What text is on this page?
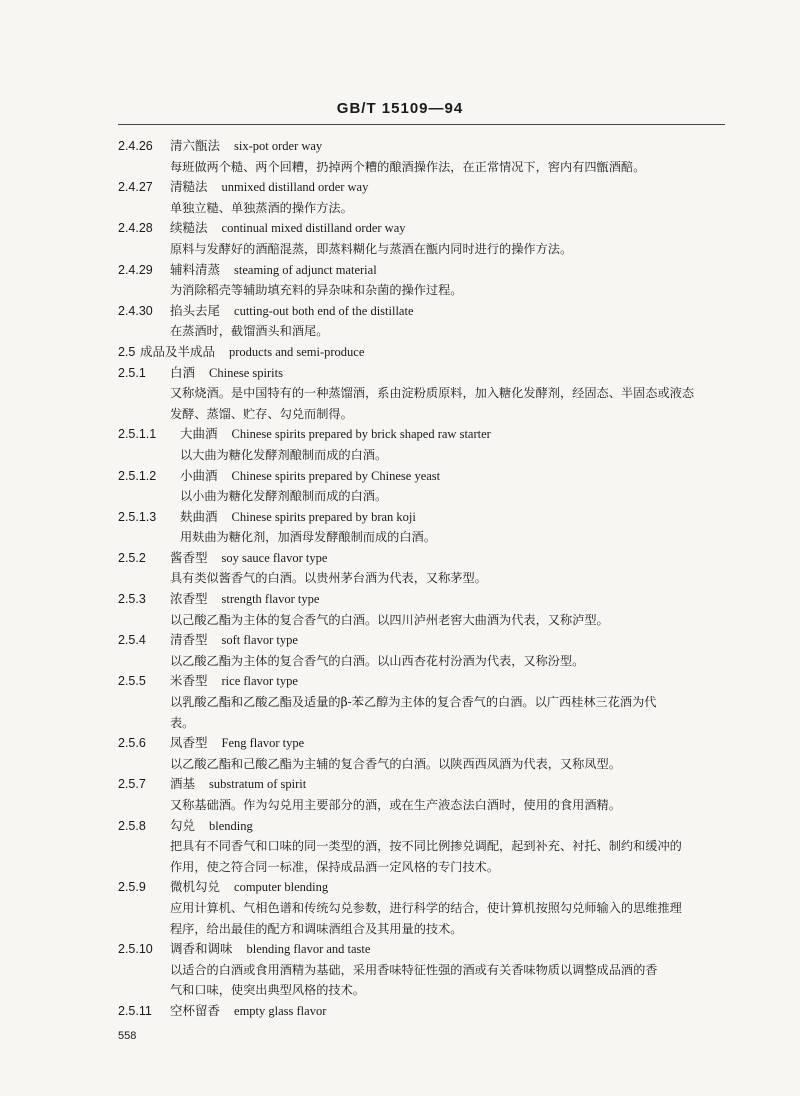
GB/T 15109—94
2.4.26	清六甑法 six-pot order way
每班做两个糙、两个回糟，扔掉两个糟的酿酒操作法，在正常情况下，窖内有四甑酒醅。
2.4.27	清糙法 unmixed distilland order way
单独立糙、单独蒸酒的操作方法。
2.4.28	续糙法 continual mixed distilland order way
原料与发酵好的酒醅混蒸，即蒸料糊化与蒸酒在甑内同时进行的操作方法。
2.4.29	辅料清蒸 steaming of adjunct material
为消除稻壳等辅助填充料的异杂味和杂菌的操作过程。
2.4.30	掐头去尾 cutting-out both end of the distillate
在蒸酒时，截馏酒头和酒尾。
2.5 成品及半成品 products and semi-produce
2.5.1	白酒 Chinese spirits
又称烧酒。是中国特有的一种蒸馏酒，系由淀粉质原料，加入糖化发酵剂，经固态、半固态或液态
发酵、蒸馏、贮存、勾兑而制得。
2.5.1.1	大曲酒 Chinese spirits prepared by brick shaped raw starter
以大曲为糖化发酵剂酿制而成的白酒。
2.5.1.2	小曲酒 Chinese spirits prepared by Chinese yeast
以小曲为糖化发酵剂酿制而成的白酒。
2.5.1.3	麸曲酒 Chinese spirits prepared by bran koji
用麸曲为糖化剂，加酒母发酵酿制而成的白酒。
2.5.2	酱香型 soy sauce flavor type
具有类似酱香气的白酒。以贵州茅台酒为代表，又称茅型。
2.5.3	浓香型 strength flavor type
以己酸乙酯为主体的复合香气的白酒。以四川泸州老窖大曲酒为代表，又称泸型。
2.5.4	清香型 soft flavor type
以乙酸乙酯为主体的复合香气的白酒。以山西杏花村汾酒为代表，又称汾型。
2.5.5	米香型 rice flavor type
以乳酸乙酯和乙酸乙酯及适量的β-苯乙醇为主体的复合香气的白酒。以广西桂林三花酒为代
表。
2.5.6	凤香型 Feng flavor type
以乙酸乙酯和己酸乙酯为主辅的复合香气的白酒。以陕西西凤酒为代表，又称凤型。
2.5.7	酒基 substratum of spirit
又称基础酒。作为勾兑用主要部分的酒，或在生产液态法白酒时，使用的食用酒精。
2.5.8	勾兑 blending
把具有不同香气和口味的同一类型的酒，按不同比例掺兑调配，起到补充、衬托、制约和缓冲的
作用，使之符合同一标准，保持成品酒一定风格的专门技术。
2.5.9	微机勾兑 computer blending
应用计算机、气相色谱和传统勾兑参数，进行科学的结合，使计算机按照勾兑师输入的思维推理
程序，给出最佳的配方和调味酒组合及其用量的技术。
2.5.10	调香和调味 blending flavor and taste
以适合的白酒或食用酒精为基础，采用香味特征性强的酒或有关香味物质以调整成品酒的香
气和口味，使突出典型风格的技术。
2.5.11	空杯留香 empty glass flavor
558
